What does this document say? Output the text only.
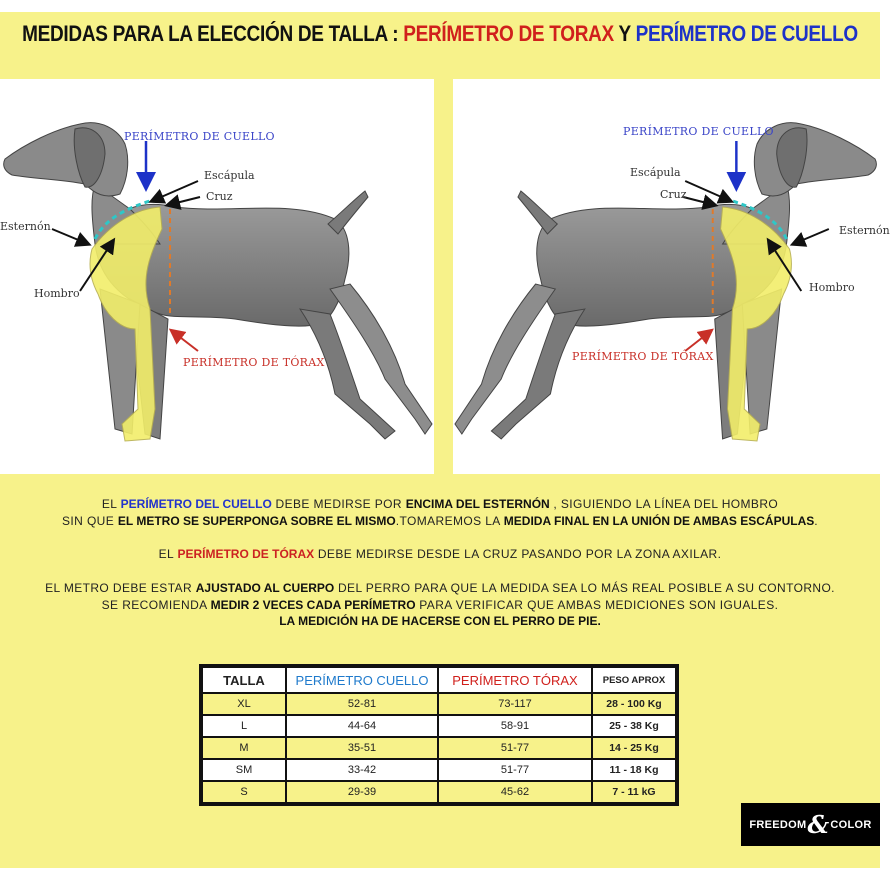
MEDIDAS PARA LA ELECCIÓN DE TALLA : PERÍMETRO DE TORAX Y PERÍMETRO DE CUELLO
PERÍMETRO DE CUELLO
Escápula
Cruz
Esternón
Hombro
PERÍMETRO DE TÓRAX
PERÍMETRO DE CUELLO
Escápula
Cruz
Esternón
Hombro
PERÍMETRO DE TÓRAX
EL PERÍMETRO DEL CUELLO DEBE MEDIRSE POR ENCIMA DEL ESTERNÓN , SIGUIENDO LA LÍNEA DEL HOMBRO
SIN QUE EL METRO SE SUPERPONGA SOBRE EL MISMO.TOMAREMOS LA MEDIDA FINAL EN LA UNIÓN DE AMBAS ESCÁPULAS.
EL PERÍMETRO DE TÓRAX DEBE MEDIRSE DESDE LA CRUZ PASANDO POR LA ZONA AXILAR.
EL METRO DEBE ESTAR AJUSTADO AL CUERPO DEL PERRO PARA QUE LA MEDIDA SEA LO MÁS REAL POSIBLE A SU CONTORNO.
SE RECOMIENDA MEDIR 2 VECES CADA PERÍMETRO PARA VERIFICAR QUE AMBAS MEDICIONES SON IGUALES.
LA MEDICIÓN HA DE HACERSE CON EL PERRO DE PIE.
TALLA	PERÍMETRO CUELLO	PERÍMETRO TÓRAX	PESO APROX
XL	52-81	73-117	28 - 100 Kg
L	44-64	58-91	25 - 38 Kg
M	35-51	51-77	14 - 25 Kg
SM	33-42	51-77	11 - 18 Kg
S	29-39	45-62	7 - 11 kG
FREEDOM & COLOR
